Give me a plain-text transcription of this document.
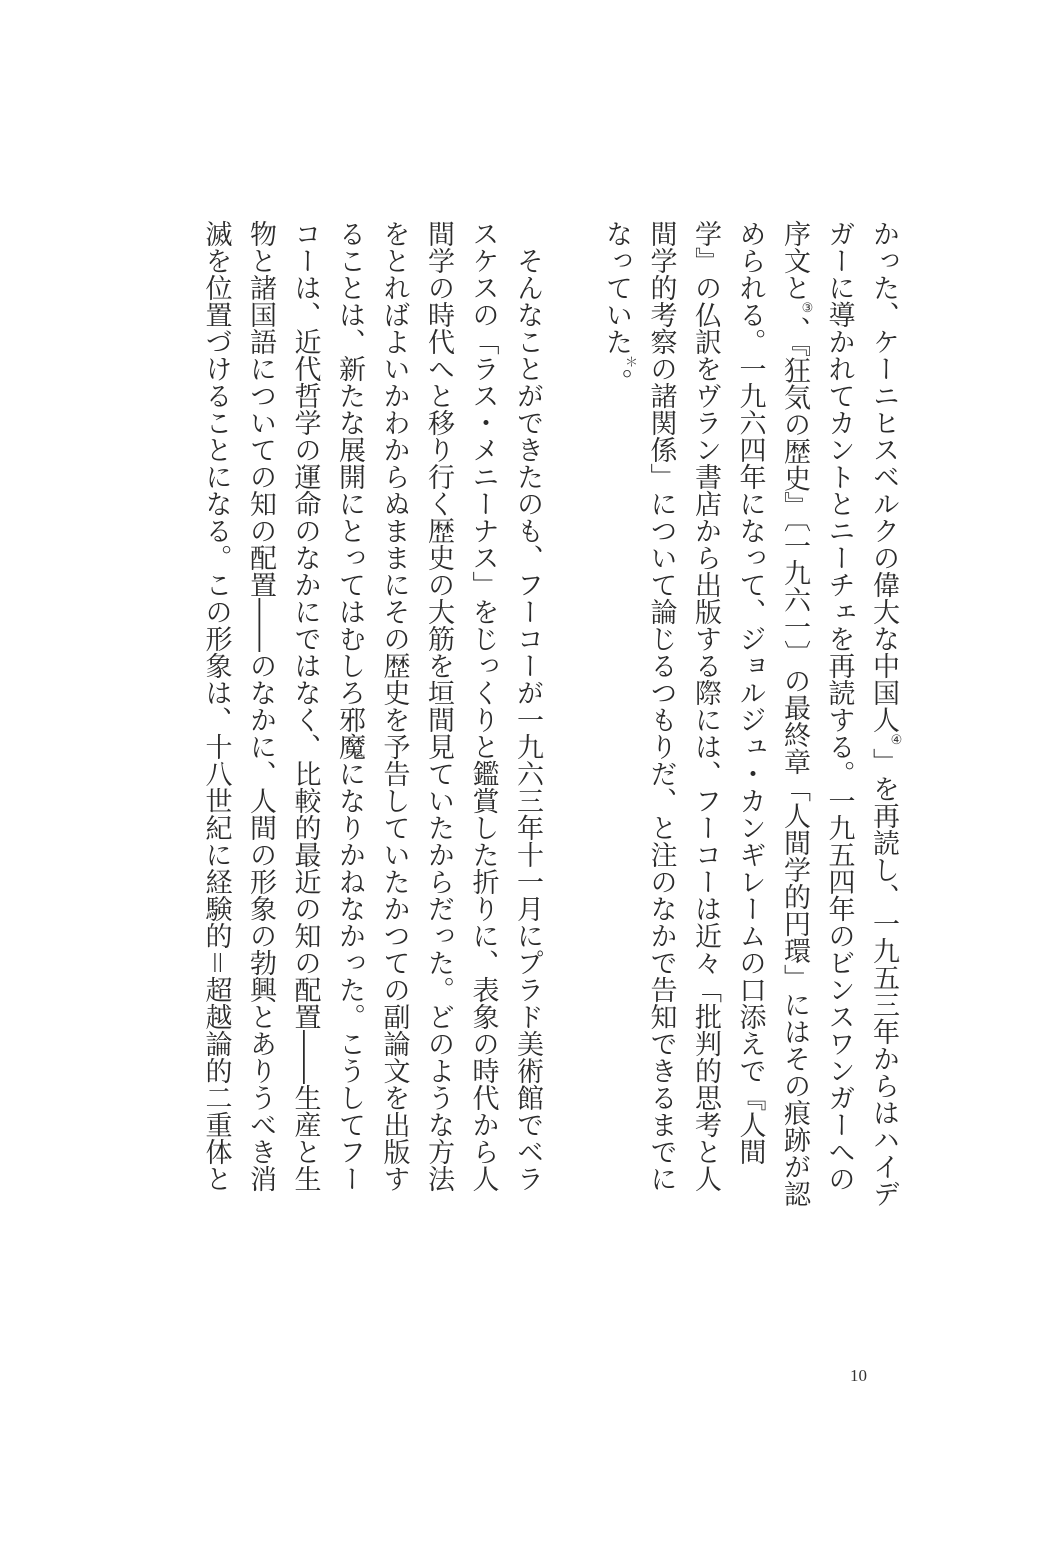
かった、ケーニヒスベルクの偉大な中国人④」を再読し、一九五三年からはハイデ
ガーに導かれてカントとニーチェを再読する。一九五四年のビンスワンガーへの
序文と③、『狂気の歴史』〔一九六一〕の最終章「人間学的円環」にはその痕跡が認
められる。一九六四年になって、ジョルジュ・カンギレームの口添えで『人間
学』の仏訳をヴラン書店から出版する際には、フーコーは近々「批判的思考と人
間学的考察の諸関係」について論じるつもりだ、と注のなかで告知できるまでに
なっていた＊。
　そんなことができたのも、フーコーが一九六三年十一月にプラド美術館でベラ
スケスの「ラス・メニーナス」をじっくりと鑑賞した折りに、表象の時代から人
間学の時代へと移り行く歴史の大筋を垣間見ていたからだった。どのような方法
をとればよいかわからぬままにその歴史を予告していたかつての副論文を出版す
ることは、新たな展開にとってはむしろ邪魔になりかねなかった。こうしてフー
コーは、近代哲学の運命のなかにではなく、比較的最近の知の配置――生産と生
物と諸国語についての知の配置――のなかに、人間の形象の勃興とありうべき消
滅を位置づけることになる。この形象は、十八世紀に経験的＝超越論的二重体と
10
